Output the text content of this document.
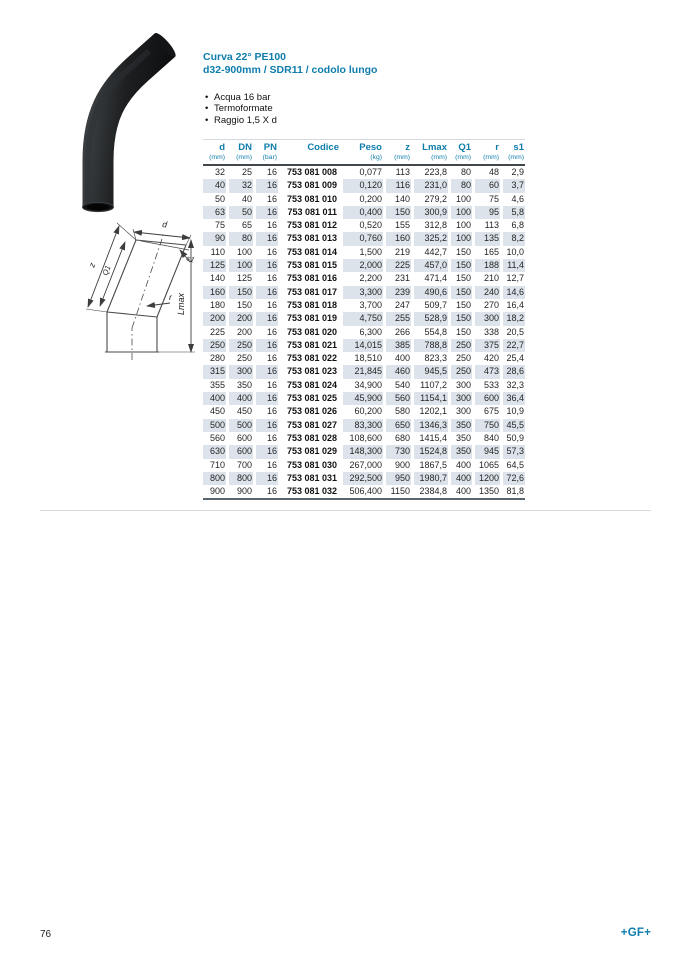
d
z Q1
s1
r Lmax
Curva 22° PE100
d32-900mm / SDR11 / codolo lungo
• Acqua 16 bar
• Termoformate
• Raggio 1,5 X d
d	DN	PN	Codice	Peso	z	Lmax	Q1	r	s1
(mm)	(mm)	(bar)		(kg)	(mm)	(mm)	(mm)	(mm)	(mm)
32	25	16	753 081 008	0,077	113	223,8	80	48	2,9
40	32	16	753 081 009	0,120	116	231,0	80	60	3,7
50	40	16	753 081 010	0,200	140	279,2	100	75	4,6
63	50	16	753 081 011	0,400	150	300,9	100	95	5,8
75	65	16	753 081 012	0,520	155	312,8	100	113	6,8
90	80	16	753 081 013	0,760	160	325,2	100	135	8,2
110	100	16	753 081 014	1,500	219	442,7	150	165	10,0
125	100	16	753 081 015	2,000	225	457,0	150	188	11,4
140	125	16	753 081 016	2,200	231	471,4	150	210	12,7
160	150	16	753 081 017	3,300	239	490,6	150	240	14,6
180	150	16	753 081 018	3,700	247	509,7	150	270	16,4
200	200	16	753 081 019	4,750	255	528,9	150	300	18,2
225	200	16	753 081 020	6,300	266	554,8	150	338	20,5
250	250	16	753 081 021	14,015	385	788,8	250	375	22,7
280	250	16	753 081 022	18,510	400	823,3	250	420	25,4
315	300	16	753 081 023	21,845	460	945,5	250	473	28,6
355	350	16	753 081 024	34,900	540	1107,2	300	533	32,3
400	400	16	753 081 025	45,900	560	1154,1	300	600	36,4
450	450	16	753 081 026	60,200	580	1202,1	300	675	10,9
500	500	16	753 081 027	83,300	650	1346,3	350	750	45,5
560	600	16	753 081 028	108,600	680	1415,4	350	840	50,9
630	600	16	753 081 029	148,300	730	1524,8	350	945	57,3
710	700	16	753 081 030	267,000	900	1867,5	400	1065	64,5
800	800	16	753 081 031	292,500	950	1980,7	400	1200	72,6
900	900	16	753 081 032	506,400	1150	2384,8	400	1350	81,8
76	+GF+
